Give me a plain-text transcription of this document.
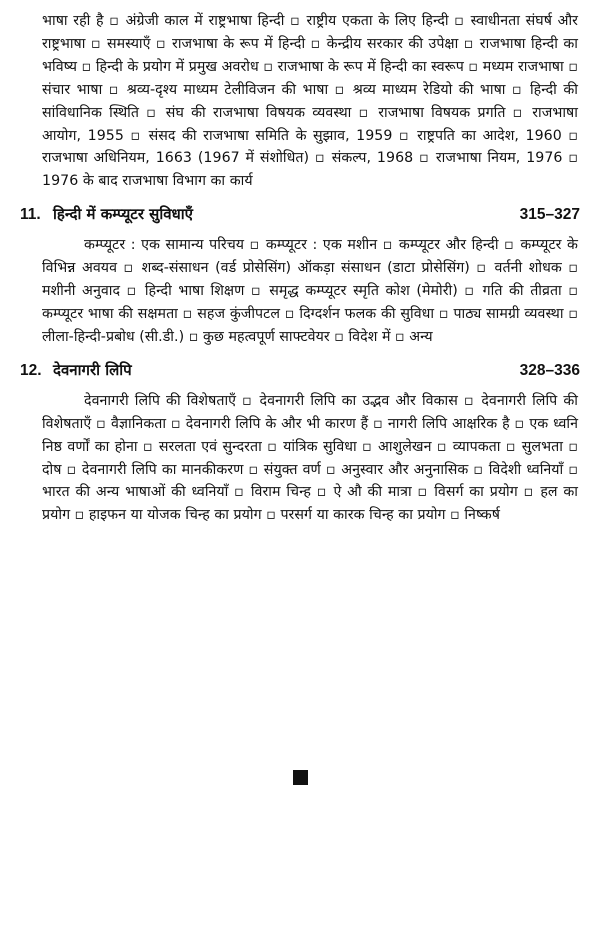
भाषा रही है ▫ अंग्रेजी काल में राष्ट्रभाषा हिन्दी ▫ राष्ट्रीय एकता के लिए हिन्दी ▫ स्वाधीनता संघर्ष और राष्ट्रभाषा ▫ समस्याएँ ▫ राजभाषा के रूप में हिन्दी ▫ केन्द्रीय सरकार की उपेक्षा ▫ राजभाषा हिन्दी का भविष्य ▫ हिन्दी के प्रयोग में प्रमुख अवरोध ▫ राजभाषा के रूप में हिन्दी का स्वरूप ▫ मध्यम राजभाषा ▫ संचार भाषा ▫ श्रव्य-दृश्य माध्यम टेलीविजन की भाषा ▫ श्रव्य माध्यम रेडियो की भाषा ▫ हिन्दी की सांविधानिक स्थिति ▫ संघ की राजभाषा विषयक व्यवस्था ▫ राजभाषा विषयक प्रगति ▫ राजभाषा आयोग, 1955 ▫ संसद की राजभाषा समिति के सुझाव, 1959 ▫ राष्ट्रपति का आदेश, 1960 ▫ राजभाषा अधिनियम, 1663 (1967 में संशोधित) ▫ संकल्प, 1968 ▫ राजभाषा नियम, 1976 ▫ 1976 के बाद राजभाषा विभाग का कार्य

11. हिन्दी में कम्प्यूटर सुविधाएँ	315–327

कम्प्यूटर : एक सामान्य परिचय ▫ कम्प्यूटर : एक मशीन ▫ कम्प्यूटर और हिन्दी ▫ कम्प्यूटर के विभिन्न अवयव ▫ शब्द-संसाधन (वर्ड प्रोसेसिंग) ऑकड़ा संसाधन (डाटा प्रोसेसिंग) ▫ वर्तनी शोधक ▫ मशीनी अनुवाद ▫ हिन्दी भाषा शिक्षण ▫ समृद्ध कम्प्यूटर स्मृति कोश (मेमोरी) ▫ गति की तीव्रता ▫ कम्प्यूटर भाषा की सक्षमता ▫ सहज कुंजीपटल ▫ दिग्दर्शन फलक की सुविधा ▫ पाठ्य सामग्री व्यवस्था ▫ लीला-हिन्दी-प्रबोध (सी.डी.) ▫ कुछ महत्वपूर्ण साफ्टवेयर ▫ विदेश में ▫ अन्य

12. देवनागरी लिपि	328–336

देवनागरी लिपि की विशेषताएँ ▫ देवनागरी लिपि का उद्भव और विकास ▫ देवनागरी लिपि की विशेषताएँ ▫ वैज्ञानिकता ▫ देवनागरी लिपि के और भी कारण हैं ▫ नागरी लिपि आक्षरिक है ▫ एक ध्वनि निष्ठ वर्णों का होना ▫ सरलता एवं सुन्दरता ▫ यांत्रिक सुविधा ▫ आशुलेखन ▫ व्यापकता ▫ सुलभता ▫ दोष ▫ देवनागरी लिपि का मानकीकरण ▫ संयुक्त वर्ण ▫ अनुस्वार और अनुनासिक ▫ विदेशी ध्वनियाँ ▫ भारत की अन्य भाषाओं की ध्वनियाँ ▫ विराम चिन्ह ▫ ऐ औ की मात्रा ▫ विसर्ग का प्रयोग ▫ हल का प्रयोग ▫ हाइफन या योजक चिन्ह का प्रयोग ▫ परसर्ग या कारक चिन्ह का प्रयोग ▫ निष्कर्ष
